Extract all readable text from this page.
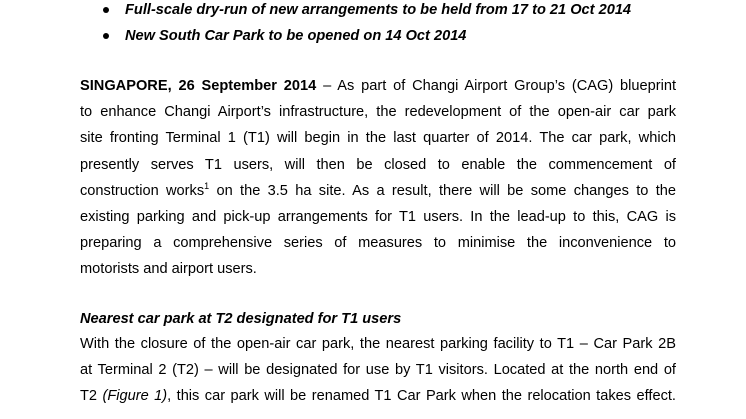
Full-scale dry-run of new arrangements to be held from 17 to 21 Oct 2014
New South Car Park to be opened on 14 Oct 2014
SINGAPORE, 26 September 2014 – As part of Changi Airport Group’s (CAG) blueprint
to enhance Changi Airport’s infrastructure, the redevelopment of the open-air car park
site fronting Terminal 1 (T1) will begin in the last quarter of 2014. The car park, which
presently serves T1 users, will then be closed to enable the commencement of
construction works$^1$ on the 3.5 ha site. As a result, there will be some changes to the
existing parking and pick-up arrangements for T1 users. In the lead-up to this, CAG is
preparing a comprehensive series of measures to minimise the inconvenience to
motorists and airport users.
Nearest car park at T2 designated for T1 users
With the closure of the open-air car park, the nearest parking facility to T1 – Car Park 2B
at Terminal 2 (T2) – will be designated for use by T1 visitors. Located at the north end of
T2 (Figure 1), this car park will be renamed T1 Car Park when the relocation takes effect.
